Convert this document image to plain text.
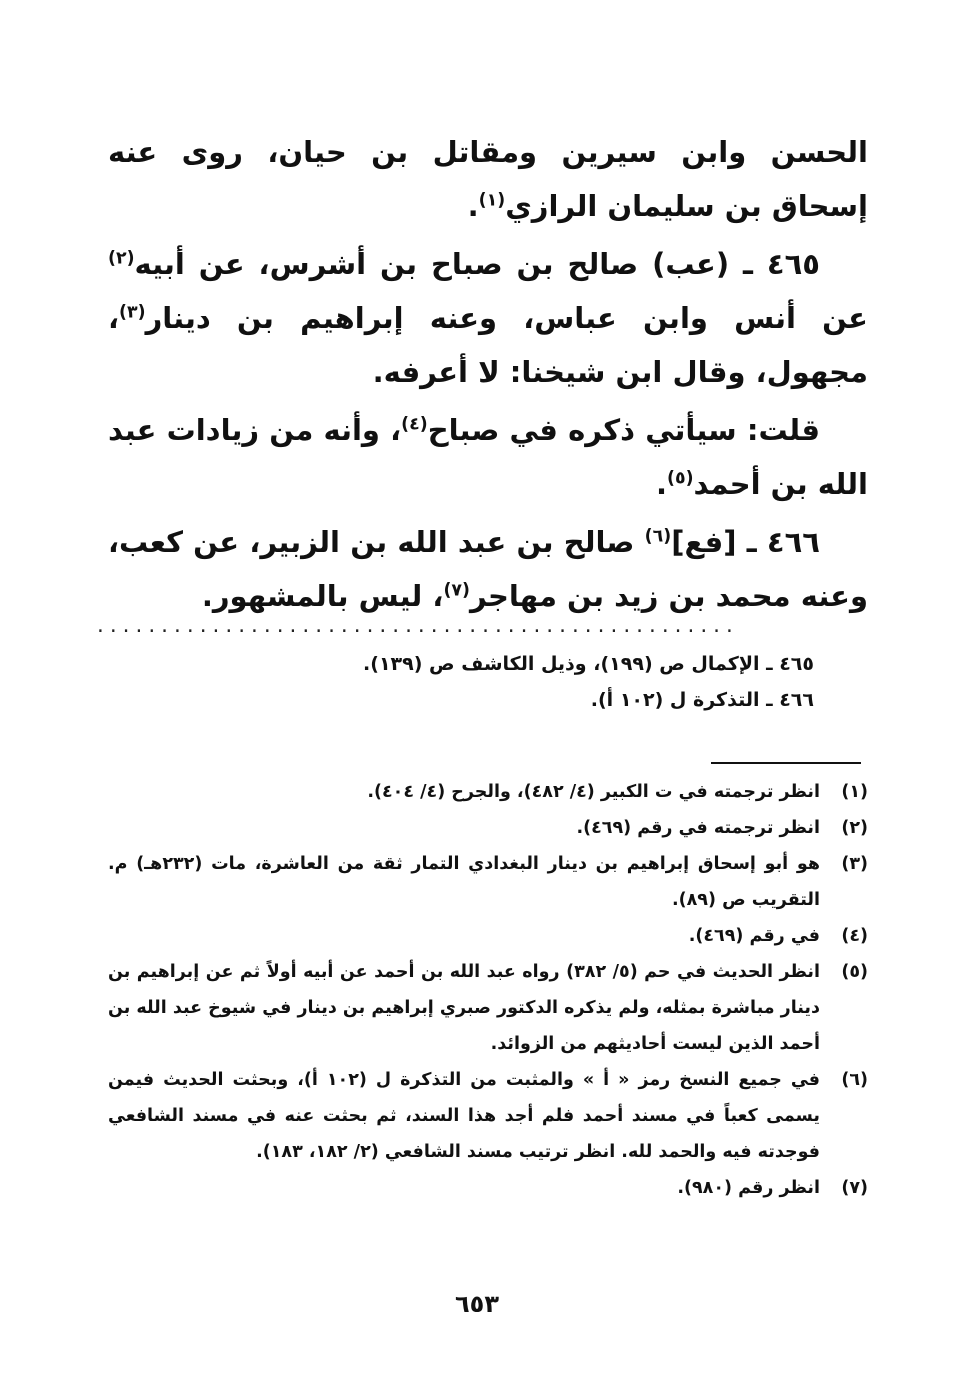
الحسن وابن سيرين ومقاتل بن حيان، روى عنه إسحاق بن سليمان الرازي$^{(١)}$.

٤٦٥ ـ (عب) صالح بن صباح بن أشرس، عن أبيه$^{(٢)}$ عن أنس وابن عباس، وعنه إبراهيم بن دينار$^{(٣)}$، مجهول، وقال ابن شيخنا: لا أعرفه.

قلت: سيأتي ذكره في صباح$^{(٤)}$، وأنه من زيادات عبد الله بن أحمد$^{(٥)}$.

٤٦٦ ـ [فع]$^{(٦)}$ صالح بن عبد الله بن الزبير، عن كعب، وعنه محمد بن زيد بن مهاجر$^{(٧)}$، ليس بالمشهور.

..................................................
٤٦٥ ـ الإكمال ص (١٩٩)، وذيل الكاشف ص (١٣٩).
٤٦٦ ـ التذكرة ل (١٠٢ أ).
(١)
انظر ترجمته في ت الكبير (٤/ ٤٨٢)، والجرح (٤/ ٤٠٤).
(٢)
انظر ترجمته في رقم (٤٦٩).
(٣)
هو أبو إسحاق إبراهيم بن دينار البغدادي التمار ثقة من العاشرة، مات (٢٣٢هـ) م. التقريب ص (٨٩).
(٤)
في رقم (٤٦٩).
(٥)
انظر الحديث في حم (٥/ ٣٨٢) رواه عبد الله بن أحمد عن أبيه أولاً ثم عن إبراهيم بن دينار مباشرة بمثله، ولم يذكره الدكتور صبري إبراهيم بن دينار في شيوخ عبد الله بن أحمد الذين ليست أحاديثهم من الزوائد.
(٦)
في جميع النسخ رمز « أ » والمثبت من التذكرة ل (١٠٢ أ)، وبحثت الحديث فيمن يسمى كعباً في مسند أحمد فلم أجد هذا السند، ثم بحثت عنه في مسند الشافعي فوجدته فيه والحمد لله. انظر ترتيب مسند الشافعي (٢/ ١٨٢، ١٨٣).
(٧)
انظر رقم (٩٨٠).
٦٥٣
